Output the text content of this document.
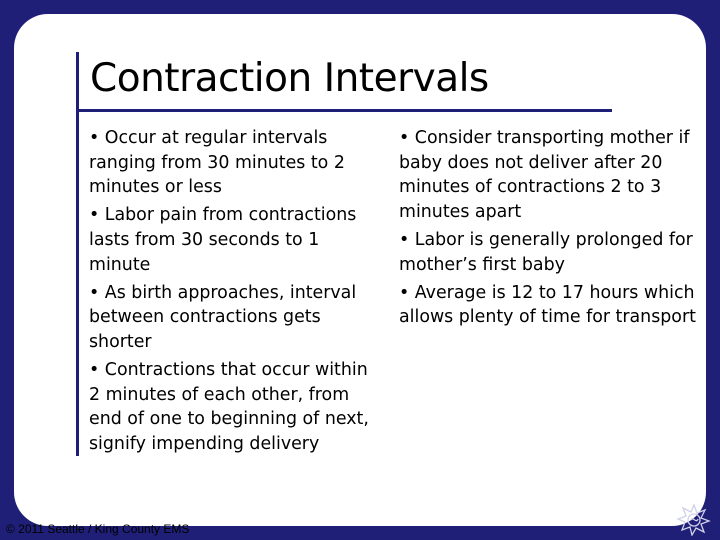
Contraction Intervals

• Occur at regular intervals ranging from 30 minutes to 2 minutes or less

• Labor pain from contractions lasts from 30 seconds to 1 minute

• As birth approaches, interval between contractions gets shorter

• Contractions that occur within 2 minutes of each other, from end of one to beginning of next, signify impending delivery

• Consider transporting mother if baby does not deliver after 20 minutes of contractions 2 to 3 minutes apart

• Labor is generally prolonged for mother’s first baby

• Average is 12 to 17 hours which allows plenty of time for transport

© 2011 Seattle / King County EMS
